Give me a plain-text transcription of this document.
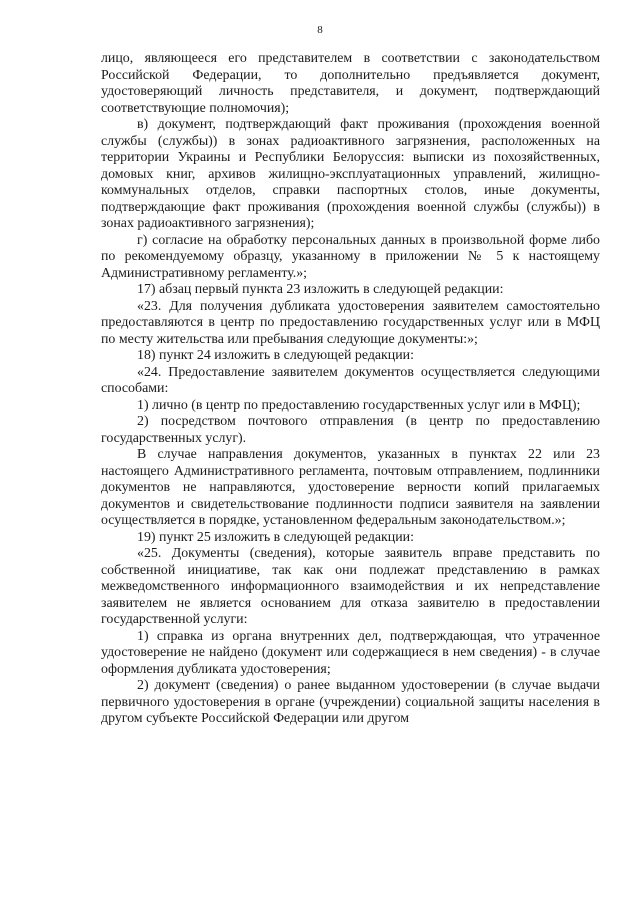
8

лицо, являющееся его представителем в соответствии с законодательством Российской Федерации, то дополнительно предъявляется документ, удостоверяющий личность представителя, и документ, подтверждающий соответствующие полномочия);

в) документ, подтверждающий факт проживания (прохождения военной службы (службы)) в зонах радиоактивного загрязнения, расположенных на территории Украины и Республики Белоруссия: выписки из похозяйственных, домовых книг, архивов жилищно-эксплуатационных управлений, жилищно-коммунальных отделов, справки паспортных столов, иные документы, подтверждающие факт проживания (прохождения военной службы (службы)) в зонах радиоактивного загрязнения);

г) согласие на обработку персональных данных в произвольной форме либо по рекомендуемому образцу, указанному в приложении № 5 к настоящему Административному регламенту.»;

17) абзац первый пункта 23 изложить в следующей редакции:

«23. Для получения дубликата удостоверения заявителем самостоятельно предоставляются в центр по предоставлению государственных услуг или в МФЦ по месту жительства или пребывания следующие документы:»;

18) пункт 24 изложить в следующей редакции:

«24. Предоставление заявителем документов осуществляется следующими способами:

1) лично (в центр по предоставлению государственных услуг или в МФЦ);

2) посредством почтового отправления (в центр по предоставлению государственных услуг).

В случае направления документов, указанных в пунктах 22 или 23 настоящего Административного регламента, почтовым отправлением, подлинники документов не направляются, удостоверение верности копий прилагаемых документов и свидетельствование подлинности подписи заявителя на заявлении осуществляется в порядке, установленном федеральным законодательством.»;

19) пункт 25 изложить в следующей редакции:

«25. Документы (сведения), которые заявитель вправе представить по собственной инициативе, так как они подлежат представлению в рамках межведомственного информационного взаимодействия и их непредставление заявителем не является основанием для отказа заявителю в предоставлении государственной услуги:

1) справка из органа внутренних дел, подтверждающая, что утраченное удостоверение не найдено (документ или содержащиеся в нем сведения) - в случае оформления дубликата удостоверения;

2) документ (сведения) о ранее выданном удостоверении (в случае выдачи первичного удостоверения в органе (учреждении) социальной защиты населения в другом субъекте Российской Федерации или другом
